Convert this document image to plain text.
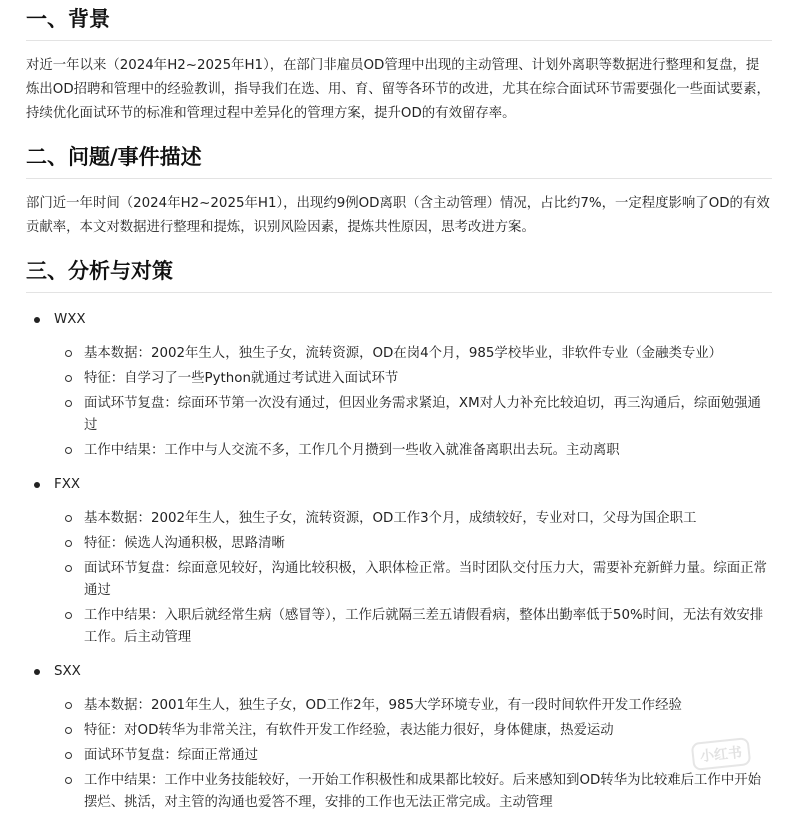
一、背景

对近一年以来（2024年H2~2025年H1），在部门非雇员OD管理中出现的主动管理、计划外离职等数据进行整理和复盘，提炼出OD招聘和管理中的经验教训，指导我们在选、用、育、留等各环节的改进，尤其在综合面试环节需要强化一些面试要素，持续优化面试环节的标准和管理过程中差异化的管理方案，提升OD的有效留存率。

二、问题/事件描述

部门近一年时间（2024年H2~2025年H1），出现约9例OD离职（含主动管理）情况，占比约7%，一定程度影响了OD的有效贡献率，本文对数据进行整理和提炼，识别风险因素，提炼共性原因，思考改进方案。

三、分析与对策
WXX
基本数据：2002年生人，独生子女，流转资源，OD在岗4个月，985学校毕业，非软件专业（金融类专业）
特征：自学习了一些Python就通过考试进入面试环节
面试环节复盘：综面环节第一次没有通过，但因业务需求紧迫，XM对人力补充比较迫切，再三沟通后，综面勉强通过
工作中结果：工作中与人交流不多，工作几个月攒到一些收入就准备离职出去玩。主动离职
FXX
基本数据：2002年生人，独生子女，流转资源，OD工作3个月，成绩较好，专业对口，父母为国企职工
特征：候选人沟通积极，思路清晰
面试环节复盘：综面意见较好，沟通比较积极，入职体检正常。当时团队交付压力大，需要补充新鲜力量。综面正常通过
工作中结果：入职后就经常生病（感冒等），工作后就隔三差五请假看病，整体出勤率低于50%时间，无法有效安排工作。后主动管理
SXX
基本数据：2001年生人，独生子女，OD工作2年，985大学环境专业，有一段时间软件开发工作经验
特征：对OD转华为非常关注，有软件开发工作经验，表达能力很好，身体健康，热爱运动
面试环节复盘：综面正常通过
工作中结果：工作中业务技能较好，一开始工作积极性和成果都比较好。后来感知到OD转华为比较难后工作中开始摆烂、挑活，对主管的沟通也爱答不理，安排的工作也无法正常完成。主动管理
小红书
